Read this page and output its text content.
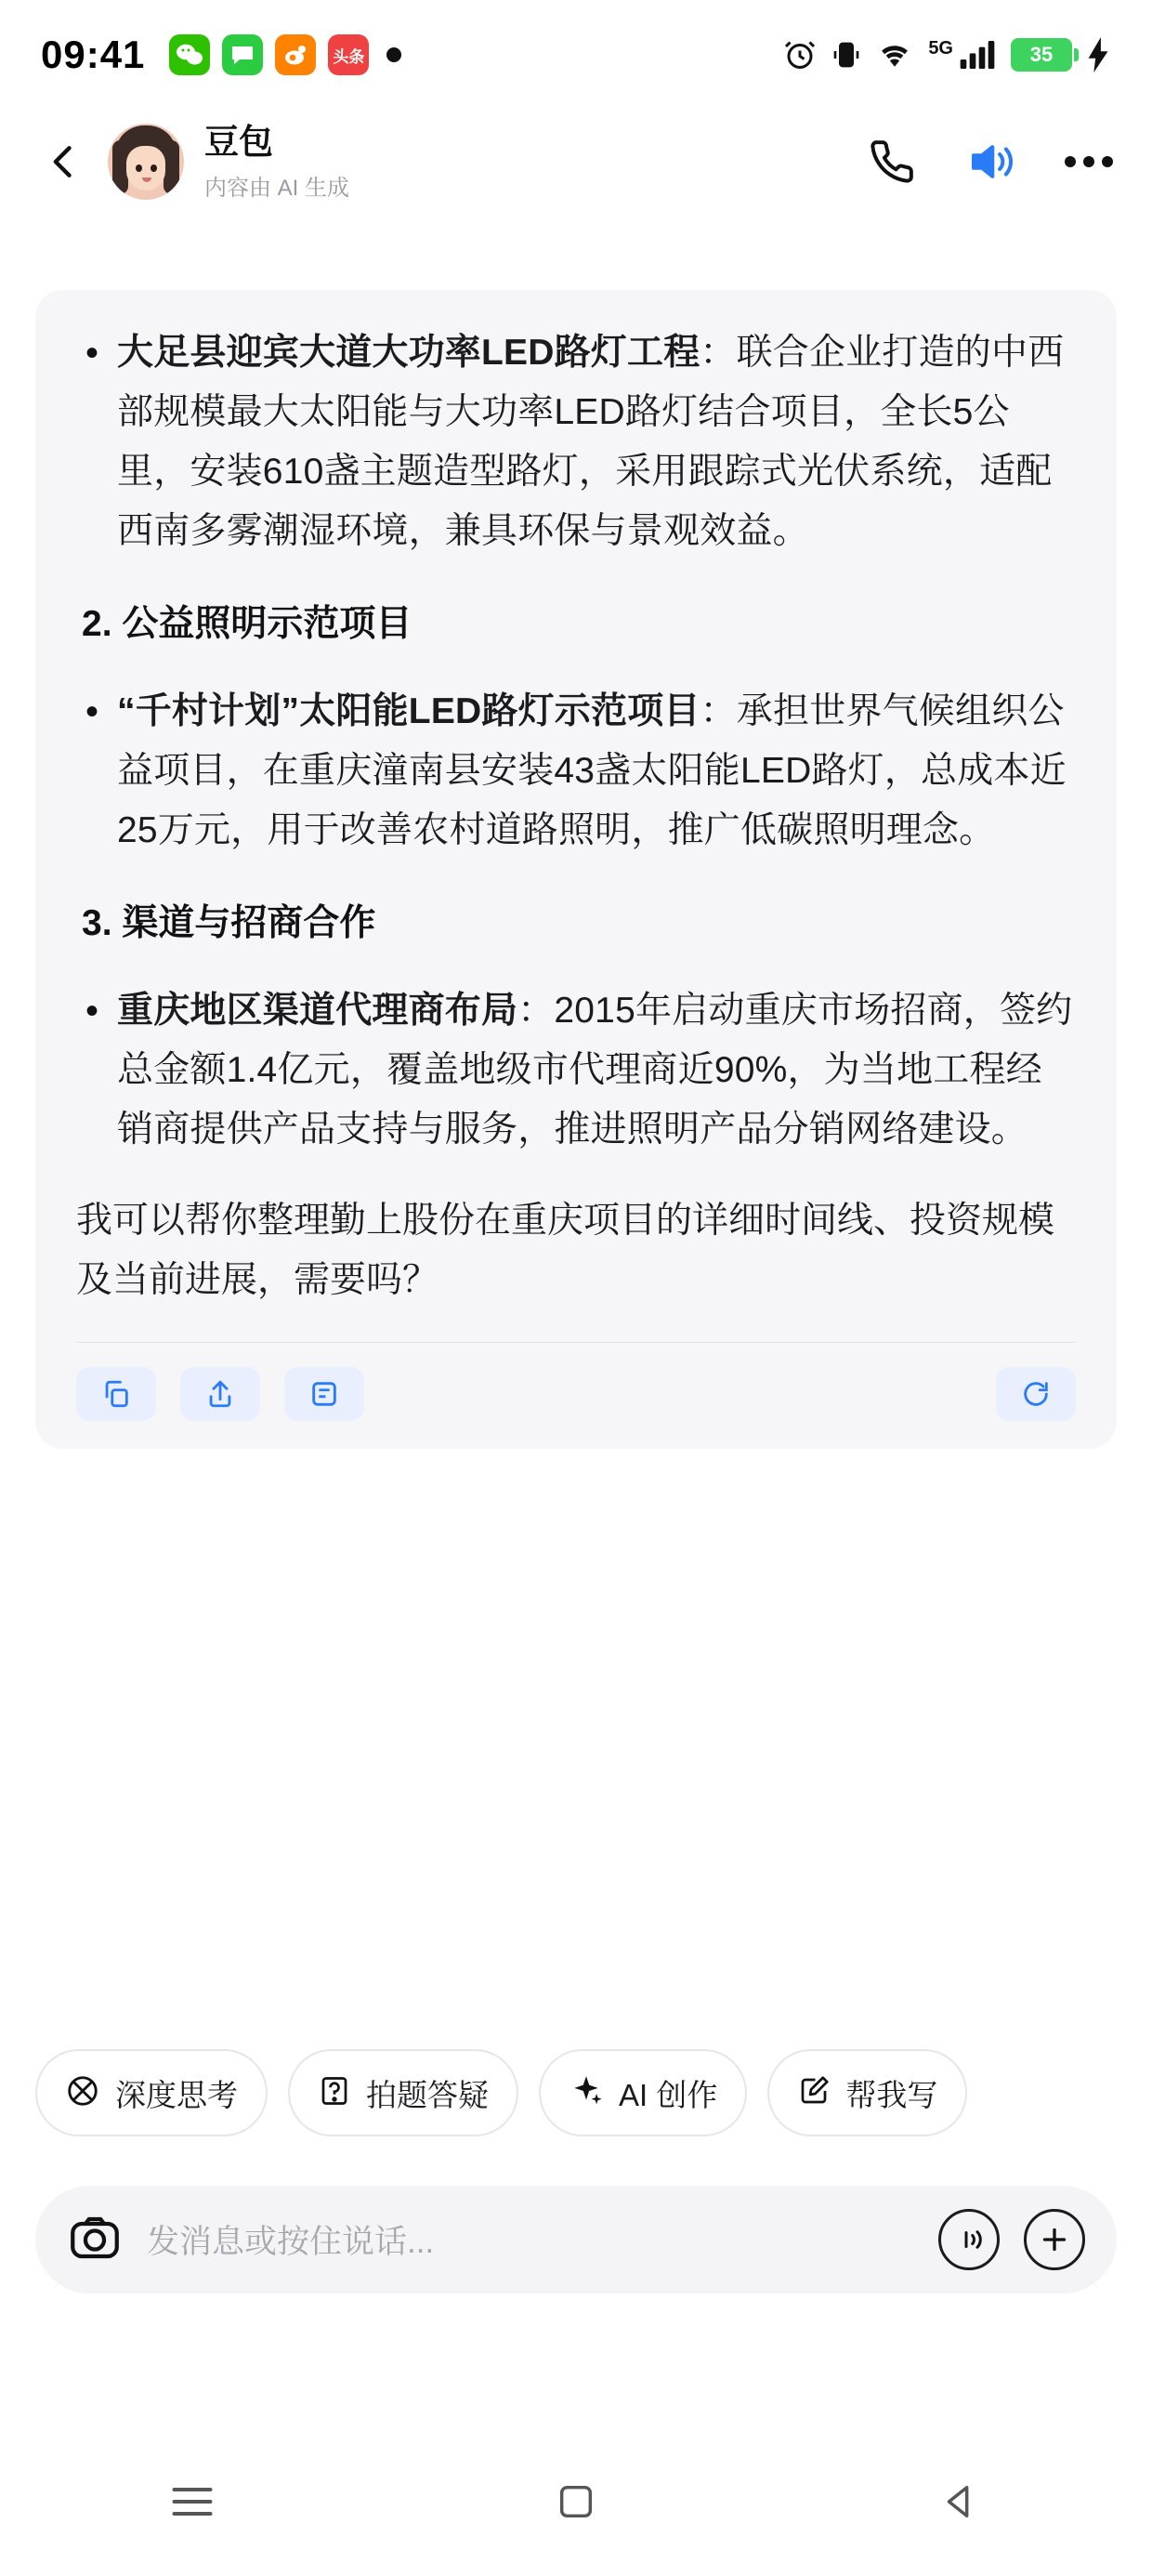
09:41	头条	5G	35
豆包
内容由 AI 生成
• 大足县迎宾大道大功率LED路灯工程：联合企业打造的中西部规模最大太阳能与大功率LED路灯结合项目，全长5公里，安装610盏主题造型路灯，采用跟踪式光伏系统，适配西南多雾潮湿环境，兼具环保与景观效益。
2. 公益照明示范项目
• “千村计划”太阳能LED路灯示范项目：承担世界气候组织公益项目，在重庆潼南县安装43盏太阳能LED路灯，总成本近25万元，用于改善农村道路照明，推广低碳照明理念。
3. 渠道与招商合作
• 重庆地区渠道代理商布局：2015年启动重庆市场招商，签约总金额1.4亿元，覆盖地级市代理商近90%，为当地工程经销商提供产品支持与服务，推进照明产品分销网络建设。
我可以帮你整理勤上股份在重庆项目的详细时间线、投资规模及当前进展，需要吗？
深度思考	拍题答疑	AI 创作	帮我写
发消息或按住说话...
